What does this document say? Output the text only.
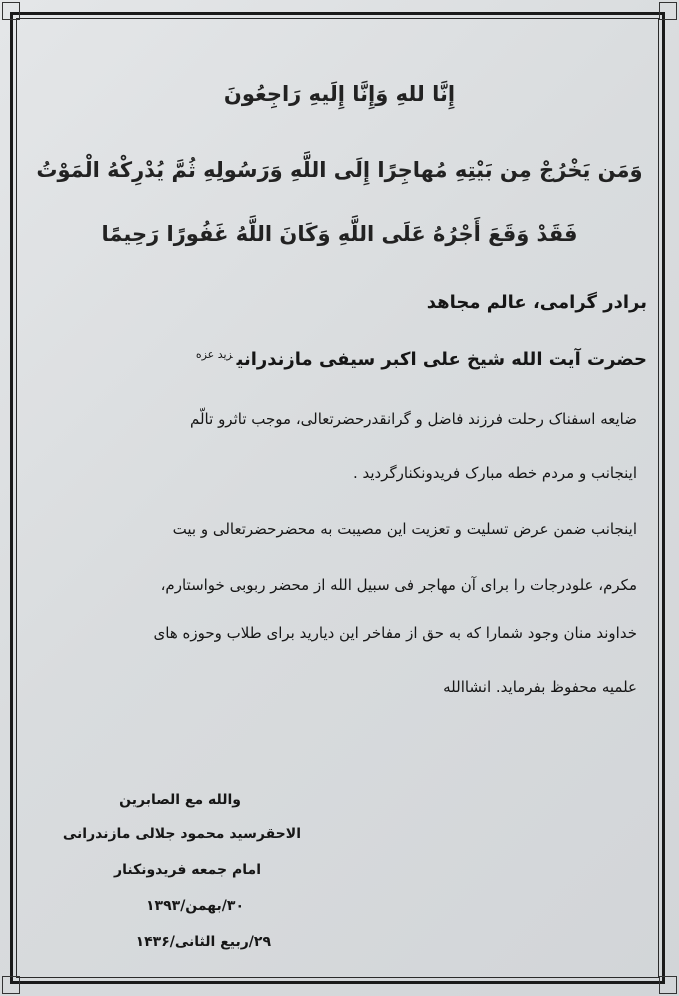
إِنَّا للهِ وَإِنَّا إِلَیهِ رَاجِعُونَ
وَمَن يَخْرُجْ مِن بَيْتِهِ مُهاجِرًا إِلَى اللَّهِ وَرَسُولِهِ ثُمَّ يُدْرِكْهُ الْمَوْتُ
فَقَدْ وَقَعَ أَجْرُهُ عَلَى اللَّهِ وَكَانَ اللَّهُ غَفُورًا رَحِيمًا
برادر گرامی، عالم مجاهد
حضرت آیت الله شیخ علی اکبر سیفی مازندرانی$^{زید عزه}$
ضایعه اسفناک رحلت فرزند فاضل و گرانقدرحضرتعالی، موجب تاثرو تالّم
اینجانب و مردم خطه مبارک فریدونکنارگردید .
اینجانب ضمن عرض تسلیت و تعزیت این مصیبت به محضرحضرتعالی و بیت
مکرم، علودرجات را برای آن مهاجر فی سبیل الله از محضر ربوبی خواستارم،
خداوند منان وجود شمارا که به حق از مفاخر این دیارید برای طلاب وحوزه های
علمیه محفوظ بفرماید. انشاالله
والله مع الصابرین
الاحقرسید محمود جلالی مازندرانی
امام جمعه فریدونکنار
۳۰/بهمن/۱۳۹۳
۲۹/ربیع الثانی/۱۴۳۶
